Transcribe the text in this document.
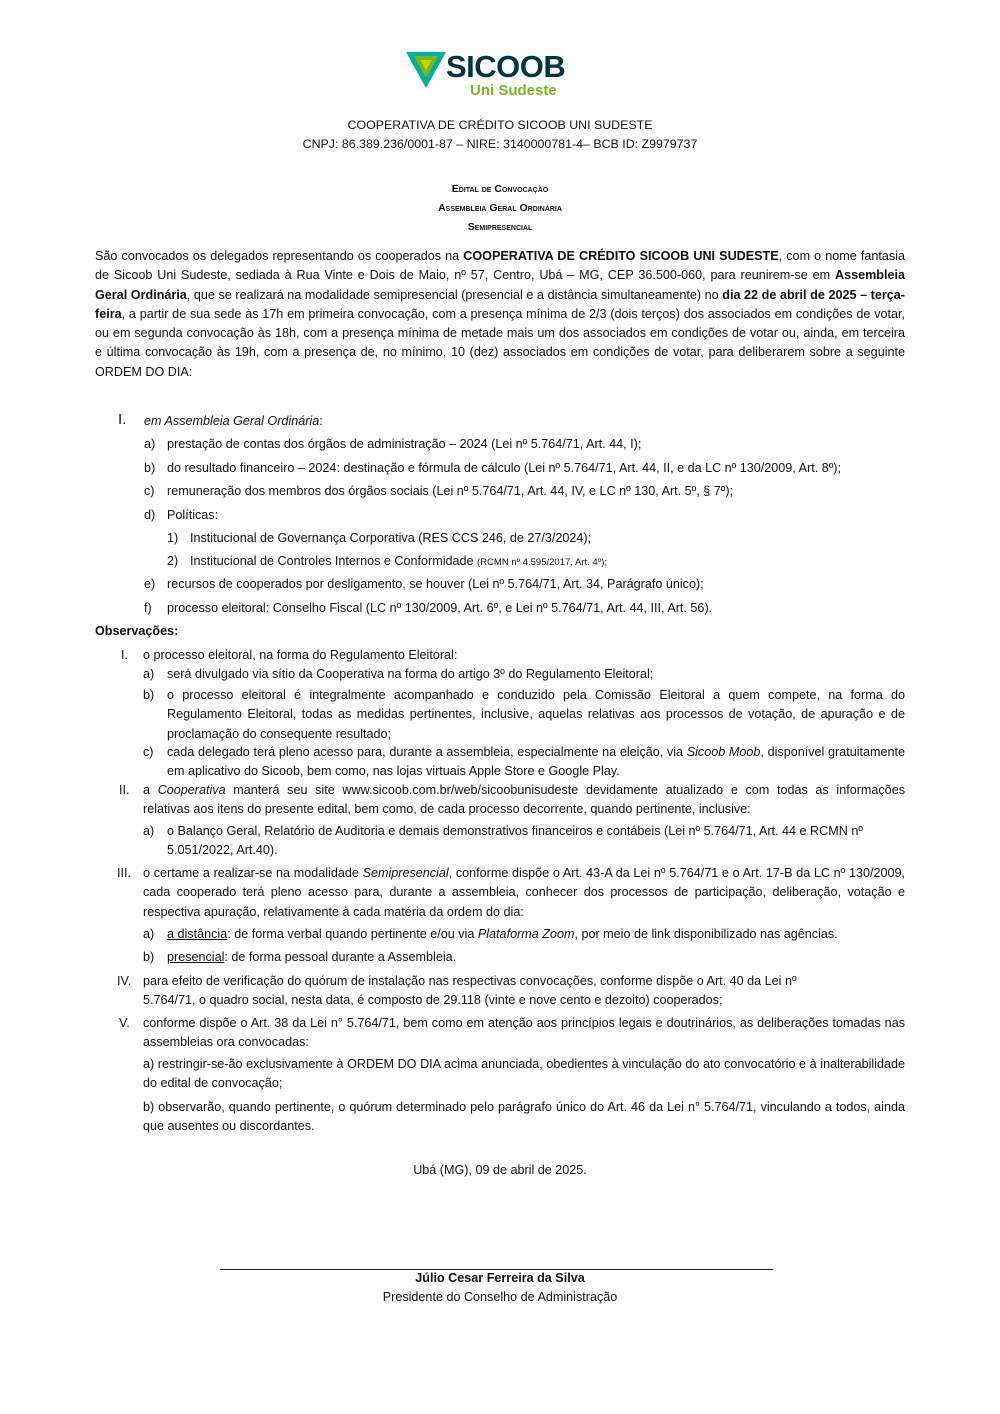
SICOOB
Uni Sudeste
COOPERATIVA DE CRÉDITO SICOOB UNI SUDESTE
CNPJ: 86.389.236/0001-87 – NIRE: 3140000781-4– BCB ID: Z9979737
Edital de Convocação
Assembleia Geral Ordinária
Semipresencial
São convocados os delegados representando os cooperados na COOPERATIVA DE CRÉDITO SICOOB UNI SUDESTE, com o nome fantasia de Sicoob Uni Sudeste, sediada à Rua Vinte e Dois de Maio, nº 57, Centro, Ubá – MG, CEP 36.500-060, para reunirem-se em Assembleia Geral Ordinária, que se realizará na modalidade semipresencial (presencial e a distância simultaneamente) no dia 22 de abril de 2025 – terça-feira, a partir de sua sede às 17h em primeira convocação, com a presença mínima de 2/3 (dois terços) dos associados em condições de votar, ou em segunda convocação às 18h, com a presença mínima de metade mais um dos associados em condições de votar ou, ainda, em terceira e última convocação às 19h, com a presença de, no mínimo, 10 (dez) associados em condições de votar, para deliberarem sobre a seguinte ORDEM DO DIA:
I. em Assembleia Geral Ordinária:
a) prestação de contas dos órgãos de administração – 2024 (Lei nº 5.764/71, Art. 44, I);
b) do resultado financeiro – 2024: destinação e fórmula de cálculo (Lei nº 5.764/71, Art. 44, II, e da LC nº 130/2009, Art. 8º);
c) remuneração dos membros dos órgãos sociais (Lei nº 5.764/71, Art. 44, IV, e LC nº 130, Art. 5º, § 7º);
d) Políticas:
1) Institucional de Governança Corporativa (RES CCS 246, de 27/3/2024);
2) Institucional de Controles Internos e Conformidade (RCMN nº 4.595/2017, Art. 4º);
e) recursos de cooperados por desligamento, se houver (Lei nº 5.764/71, Art. 34, Parágrafo único);
f) processo eleitoral: Conselho Fiscal (LC nº 130/2009, Art. 6º, e Lei nº 5.764/71, Art. 44, III, Art. 56).
Observações:
I. o processo eleitoral, na forma do Regulamento Eleitoral:
a) será divulgado via sítio da Cooperativa na forma do artigo 3º do Regulamento Eleitoral;
b) o processo eleitoral é integralmente acompanhado e conduzido pela Comissão Eleitoral a quem compete, na forma do Regulamento Eleitoral, todas as medidas pertinentes, inclusive, aquelas relativas aos processos de votação, de apuração e de proclamação do consequente resultado;
c) cada delegado terá pleno acesso para, durante a assembleia, especialmente na eleição, via Sicoob Moob, disponível gratuitamente em aplicativo do Sicoob, bem como, nas lojas virtuais Apple Store e Google Play.
II. a Cooperativa manterá seu site www.sicoob.com.br/web/sicoobunisudeste devidamente atualizado e com todas as informações relativas aos itens do presente edital, bem como, de cada processo decorrente, quando pertinente, inclusive:
a) o Balanço Geral, Relatório de Auditoria e demais demonstrativos financeiros e contábeis (Lei nº 5.764/71, Art. 44 e RCMN nº 5.051/2022, Art.40).
III. o certame a realizar-se na modalidade Semipresencial, conforme dispõe o Art. 43-A da Lei nº 5.764/71 e o Art. 17-B da LC nº 130/2009, cada cooperado terá pleno acesso para, durante a assembleia, conhecer dos processos de participação, deliberação, votação e respectiva apuração, relativamente à cada matéria da ordem do dia:
a) a distância: de forma verbal quando pertinente e/ou via Plataforma Zoom, por meio de link disponibilizado nas agências.
b) presencial: de forma pessoal durante a Assembleia.
IV. para efeito de verificação do quórum de instalação nas respectivas convocações, conforme dispõe o Art. 40 da Lei nº
5.764/71, o quadro social, nesta data, é composto de 29.118 (vinte e nove cento e dezoito) cooperados;
V. conforme dispõe o Art. 38 da Lei n° 5.764/71, bem como em atenção aos princípios legais e doutrinários, as deliberações tomadas nas assembleias ora convocadas:
a) restringir-se-ão exclusivamente à ORDEM DO DIA acima anunciada, obedientes à vinculação do ato convocatório e à inalterabilidade do edital de convocação;
b) observarão, quando pertinente, o quórum determinado pelo parágrafo único do Art. 46 da Lei n° 5.764/71, vinculando a todos, ainda que ausentes ou discordantes.
Ubá (MG), 09 de abril de 2025.
Júlio Cesar Ferreira da Silva
Presidente do Conselho de Administração
